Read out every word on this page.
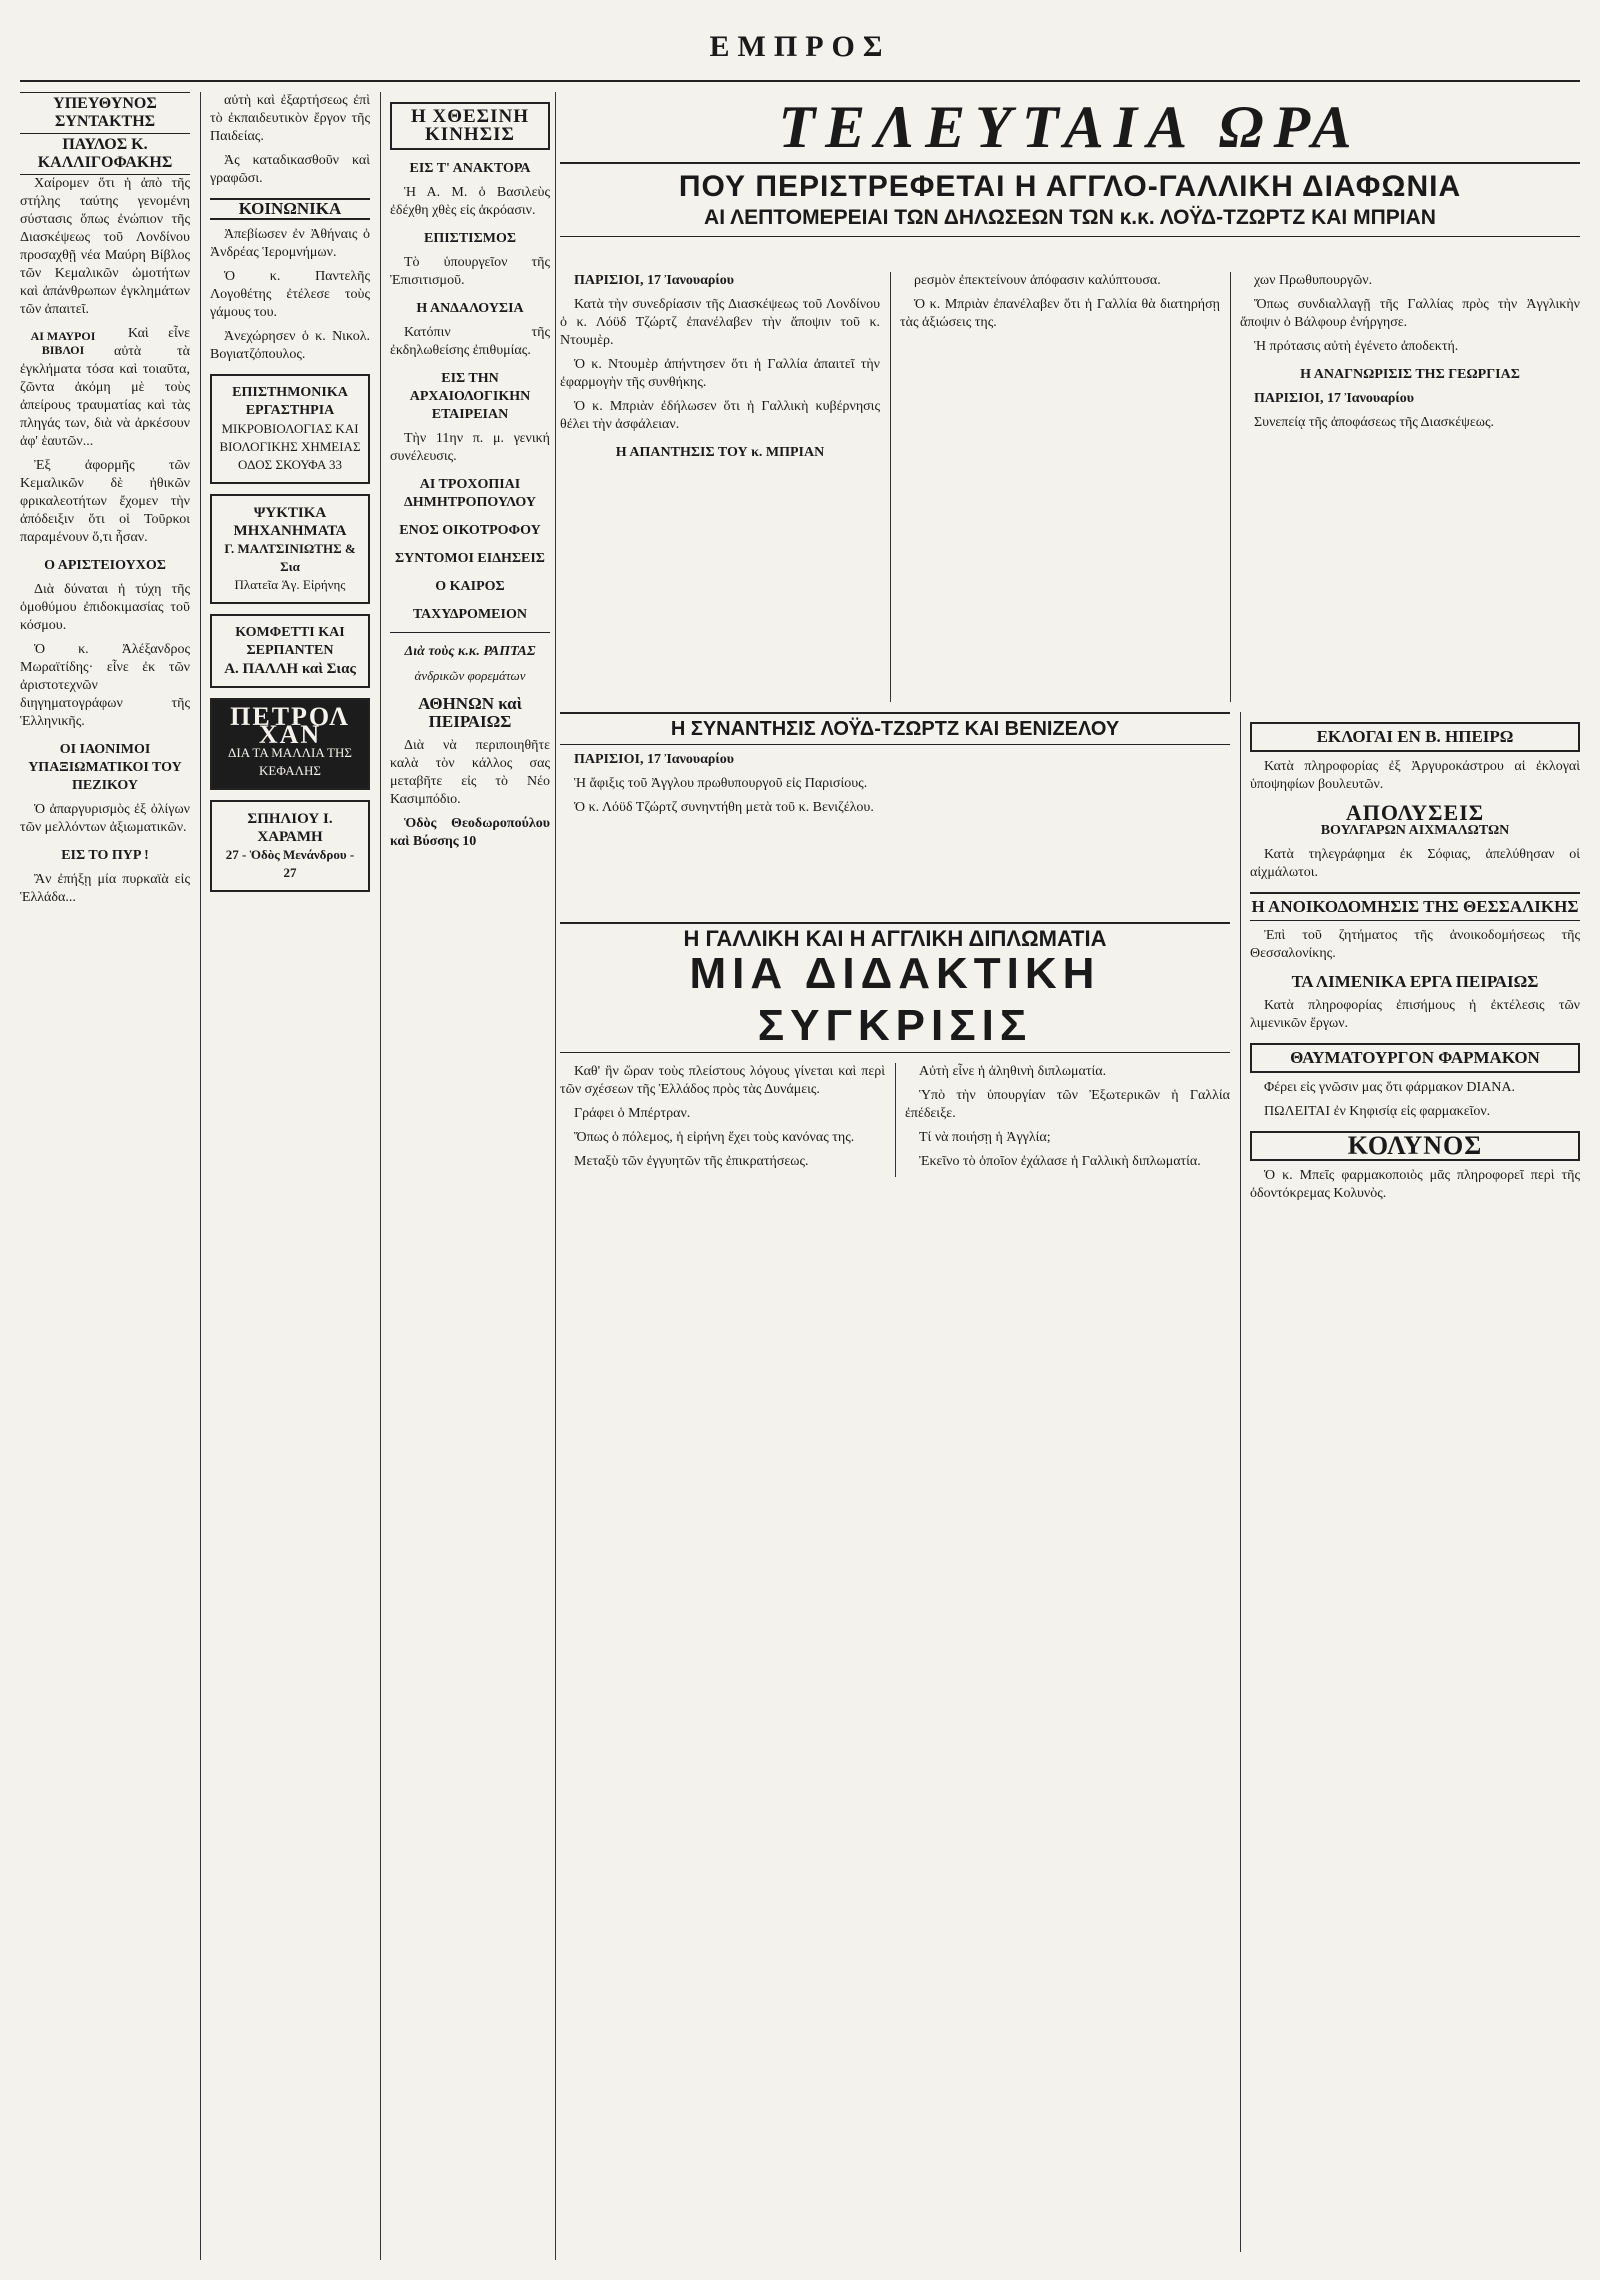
ΕΜΠΡΟΣ
ΥΠΕΥΘΥΝΟΣ ΣΥΝΤΑΚΤΗΣ
ΠΑΥΛΟΣ Κ. ΚΑΛΛΙΓΟΦΑΚΗΣ

Χαίρομεν ὅτι ἡ ἀπὸ τῆς στήλης ταύτης γενομένη σύστασις ὅπως ἐνώπιον τῆς Διασκέψεως τοῦ Λονδίνου προσαχθῇ νέα Μαύρη Βίβλος τῶν Κεμαλικῶν ὠμοτήτων καὶ ἀπάνθρωπων ἐγκλημάτων τῶν ἀπαιτεῖ.

ΑΙ ΜΑΥΡΟΙ ΒΙΒΛΟΙ

Καὶ εἶνε αὐτὰ τὰ ἐγκλήματα τόσα καὶ τοιαῦτα, ζῶντα ἀκόμη μὲ τοὺς ἀπείρους τραυματίας καὶ τὰς πληγάς των, διὰ νὰ ἀρκέσουν ἀφ' ἑαυτῶν...

Ἐξ ἀφορμῆς τῶν Κεμαλικῶν δὲ ἠθικῶν φρικαλεοτήτων ἔχομεν τὴν ἀπόδειξιν ὅτι οἱ Τοῦρκοι παραμένουν ὅ,τι ἦσαν.

Ο ΑΡΙΣΤΕΙΟΥΧΟΣ

Διὰ δύναται ἡ τύχη τῆς ὁμοθύμου ἐπιδοκιμασίας τοῦ κόσμου.

Ὁ κ. Ἀλέξανδρος Μωραϊτίδης· εἶνε ἐκ τῶν ἀριστοτεχνῶν διηγηματογράφων τῆς Ἑλληνικῆς.

ΟΙ ΙΑΟΝΙΜΟΙ ΥΠΑΞΙΩΜΑΤΙΚΟΙ ΤΟΥ ΠΕΖΙΚΟΥ

Ὁ ἀπαργυρισμὸς ἐξ ὀλίγων τῶν μελλόντων ἀξιωματικῶν.

ΕΙΣ ΤΟ ΠΥΡ !

Ἂν ἐπήξῃ μία πυρκαϊὰ εἰς Ἑλλάδα...

αὐτὴ καὶ ἐξαρτήσεως ἐπὶ τὸ ἐκπαιδευτικὸν ἔργον τῆς Παιδείας.

Ἀς καταδικασθοῦν καὶ γραφῶσι.

ΚΟΙΝΩΝΙΚΑ

Ἀπεβίωσεν ἐν Ἀθήναις ὁ Ἀνδρέας Ἱερομνήμων.

Ὁ κ. Παντελῆς Λογοθέτης ἐτέλεσε τοὺς γάμους του.

Ἀνεχώρησεν ὁ κ. Νικολ. Βογιατζόπουλος.

ΕΠΙΣΤΗΜΟΝΙΚΑ ΕΡΓΑΣΤΗΡΙΑ
ΜΙΚΡΟΒΙΟΛΟΓΙΑΣ ΚΑΙ ΒΙΟΛΟΓΙΚΗΣ ΧΗΜΕΙΑΣ
ΟΔΟΣ ΣΚΟΥΦΑ 33
ΨΥΚΤΙΚΑ ΜΗΧΑΝΗΜΑΤΑ
Γ. ΜΑΛΤΣΙΝΙΩΤΗΣ & Σια
Πλατεῖα Ἁγ. Εἰρήνης
ΚΟΜΦΕΤΤΙ ΚΑΙ ΣΕΡΠΑΝΤΕΝ
Α. ΠΑΛΛΗ καὶ Σιας
ΠΕΤΡΟΛ ΧΑΝ
ΔΙΑ ΤΑ ΜΑΛΛΙΑ ΤΗΣ ΚΕΦΑΛΗΣ
ΣΠΗΛΙΟΥ Ι. ΧΑΡΑΜΗ
27 - Ὁδὸς Μενάνδρου - 27
Η ΧΘΕΣΙΝΗ ΚΙΝΗΣΙΣ
ΕΙΣ Τ' ΑΝΑΚΤΟΡΑ

Ἡ Α. Μ. ὁ Βασιλεὺς ἐδέχθη χθὲς εἰς ἀκρόασιν.

ΕΠΙΣΤΙΣΜΟΣ

Τὸ ὑπουργεῖον τῆς Ἐπισιτισμοῦ.

Η ΑΝΔΑΛΟΥΣΙΑ

Κατόπιν τῆς ἐκδηλωθείσης ἐπιθυμίας.

ΕΙΣ ΤΗΝ ΑΡΧΑΙΟΛΟΓΙΚΗΝ ΕΤΑΙΡΕΙΑΝ

Τὴν 11ην π. μ. γενική συνέλευσις.

ΑΙ ΤΡΟΧΟΠΙΑΙ ΔΗΜΗΤΡΟΠΟΥΛΟΥ
ΕΝΟΣ ΟΙΚΟΤΡΟΦΟΥ
ΣΥΝΤΟΜΟΙ ΕΙΔΗΣΕΙΣ
Ο ΚΑΙΡΟΣ
ΤΑΧΥΔΡΟΜΕΙΟΝ
Διὰ τοὺς κ.κ. ΡΑΠΤΑΣ
ἀνδρικῶν φορεμάτων
ΑΘΗΝΩΝ καὶ ΠΕΙΡΑΙΩΣ

Διὰ νὰ περιποιηθῆτε καλὰ τὸν κάλλος σας μεταβῆτε εἰς τὸ Νέο Κασιμπόδιο.

Ὁδὸς Θεοδωροπούλου καὶ Βύσσης 10

ΤΕΛΕΥΤΑΙΑ ΩΡΑ
ΠΟΥ ΠΕΡΙΣΤΡΕΦΕΤΑΙ Η ΑΓΓΛΟ-ΓΑΛΛΙΚΗ ΔΙΑΦΩΝΙΑ
ΑΙ ΛΕΠΤΟΜΕΡΕΙΑΙ ΤΩΝ ΔΗΛΩΣΕΩΝ ΤΩΝ κ.κ. ΛΟΫΔ-ΤΖΩΡΤΖ ΚΑΙ ΜΠΡΙΑΝ

ΠΑΡΙΣΙΟΙ, 17 Ἰανουαρίου

Κατὰ τὴν συνεδρίασιν τῆς Διασκέψεως τοῦ Λονδίνου ὁ κ. Λόϋδ Τζώρτζ ἐπανέλαβεν τὴν ἄποψιν τοῦ κ. Ντουμὲρ.

Ὁ κ. Ντουμὲρ ἀπήντησεν ὅτι ἡ Γαλλία ἀπαιτεῖ τὴν ἐφαρμογὴν τῆς συνθήκης.

Ὁ κ. Μπριὰν ἐδήλωσεν ὅτι ἡ Γαλλικὴ κυβέρνησις θέλει τὴν ἀσφάλειαν.

Η ΑΠΑΝΤΗΣΙΣ ΤΟΥ κ. ΜΠΡΙΑΝ

ρεσμὸν ἐπεκτείνουν ἀπόφασιν καλύπτουσα.

Ὁ κ. Μπριὰν ἐπανέλαβεν ὅτι ἡ Γαλλία θὰ διατηρήσῃ τὰς ἀξιώσεις της.

χων Πρωθυπουργῶν.

Ὅπως συνδιαλλαγῇ τῆς Γαλλίας πρὸς τὴν Ἀγγλικὴν ἄποψιν ὁ Βάλφουρ ἐνήργησε.

Ἡ πρότασις αὐτὴ ἐγένετο ἀποδεκτή.

Η ΑΝΑΓΝΩΡΙΣΙΣ ΤΗΣ ΓΕΩΡΓΙΑΣ

ΠΑΡΙΣΙΟΙ, 17 Ἰανουαρίου

Συνεπείᾳ τῆς ἀποφάσεως τῆς Διασκέψεως.

Η ΣΥΝΑΝΤΗΣΙΣ ΛΟΫΔ-ΤΖΩΡΤΖ ΚΑΙ ΒΕΝΙΖΕΛΟΥ

ΠΑΡΙΣΙΟΙ, 17 Ἰανουαρίου

Ἡ ἄφιξις τοῦ Ἀγγλου πρωθυπουργοῦ εἰς Παρισίους.

Ὁ κ. Λόϋδ Τζώρτζ συνηντήθη μετὰ τοῦ κ. Βενιζέλου.

Η ΓΑΛΛΙΚΗ ΚΑΙ Η ΑΓΓΛΙΚΗ ΔΙΠΛΩΜΑΤΙΑ
ΜΙΑ ΔΙΔΑΚΤΙΚΗ ΣΥΓΚΡΙΣΙΣ

Καθ' ἣν ὥραν τοὺς πλείστους λόγους γίνεται καὶ περὶ τῶν σχέσεων τῆς Ἑλλάδος πρὸς τὰς Δυνάμεις.

Γράφει ὁ Μπέρτραν.

Ὅπως ὁ πόλεμος, ἡ εἰρήνη ἔχει τοὺς κανόνας της.

Μεταξὺ τῶν ἐγγυητῶν τῆς ἐπικρατήσεως.

Αὐτὴ εἶνε ἡ ἀληθινὴ διπλωματία.

Ὑπὸ τὴν ὑπουργίαν τῶν Ἐξωτερικῶν ἡ Γαλλία ἐπέδειξε.

Τί νὰ ποιήσῃ ἡ Ἀγγλία;

Ἐκεῖνο τὸ ὁποῖον ἐχάλασε ἡ Γαλλικὴ διπλωματία.

ΕΚΛΟΓΑΙ ΕΝ Β. ΗΠΕΙΡΩ

Κατὰ πληροφορίας ἐξ Ἀργυροκάστρου αἱ ἐκλογαὶ ὑποψηφίων βουλευτῶν.

ΑΠΟΛΥΣΕΙΣ
ΒΟΥΛΓΑΡΩΝ ΑΙΧΜΑΛΩΤΩΝ

Κατὰ τηλεγράφημα ἐκ Σόφιας, ἀπελύθησαν οἱ αἰχμάλωτοι.

Η ΑΝΟΙΚΟΔΟΜΗΣΙΣ ΤΗΣ ΘΕΣΣΑΛΙΚΗΣ

Ἐπὶ τοῦ ζητήματος τῆς ἀνοικοδομήσεως τῆς Θεσσαλονίκης.

ΤΑ ΛΙΜΕΝΙΚΑ ΕΡΓΑ ΠΕΙΡΑΙΩΣ

Κατὰ πληροφορίας ἐπισήμους ἡ ἐκτέλεσις τῶν λιμενικῶν ἔργων.

ΘΑΥΜΑΤΟΥΡΓΟΝ ΦΑΡΜΑΚΟΝ

Φέρει εἰς γνῶσιν μας ὅτι φάρμακον DIANA.

ΠΩΛΕΙΤΑΙ ἐν Κηφισίᾳ εἰς φαρμακεῖον.

ΚΟΛΥΝΟΣ

Ὁ κ. Μπεῖς φαρμακοποιὸς μᾶς πληροφορεῖ περὶ τῆς ὀδοντόκρεμας Κολυνὸς.
